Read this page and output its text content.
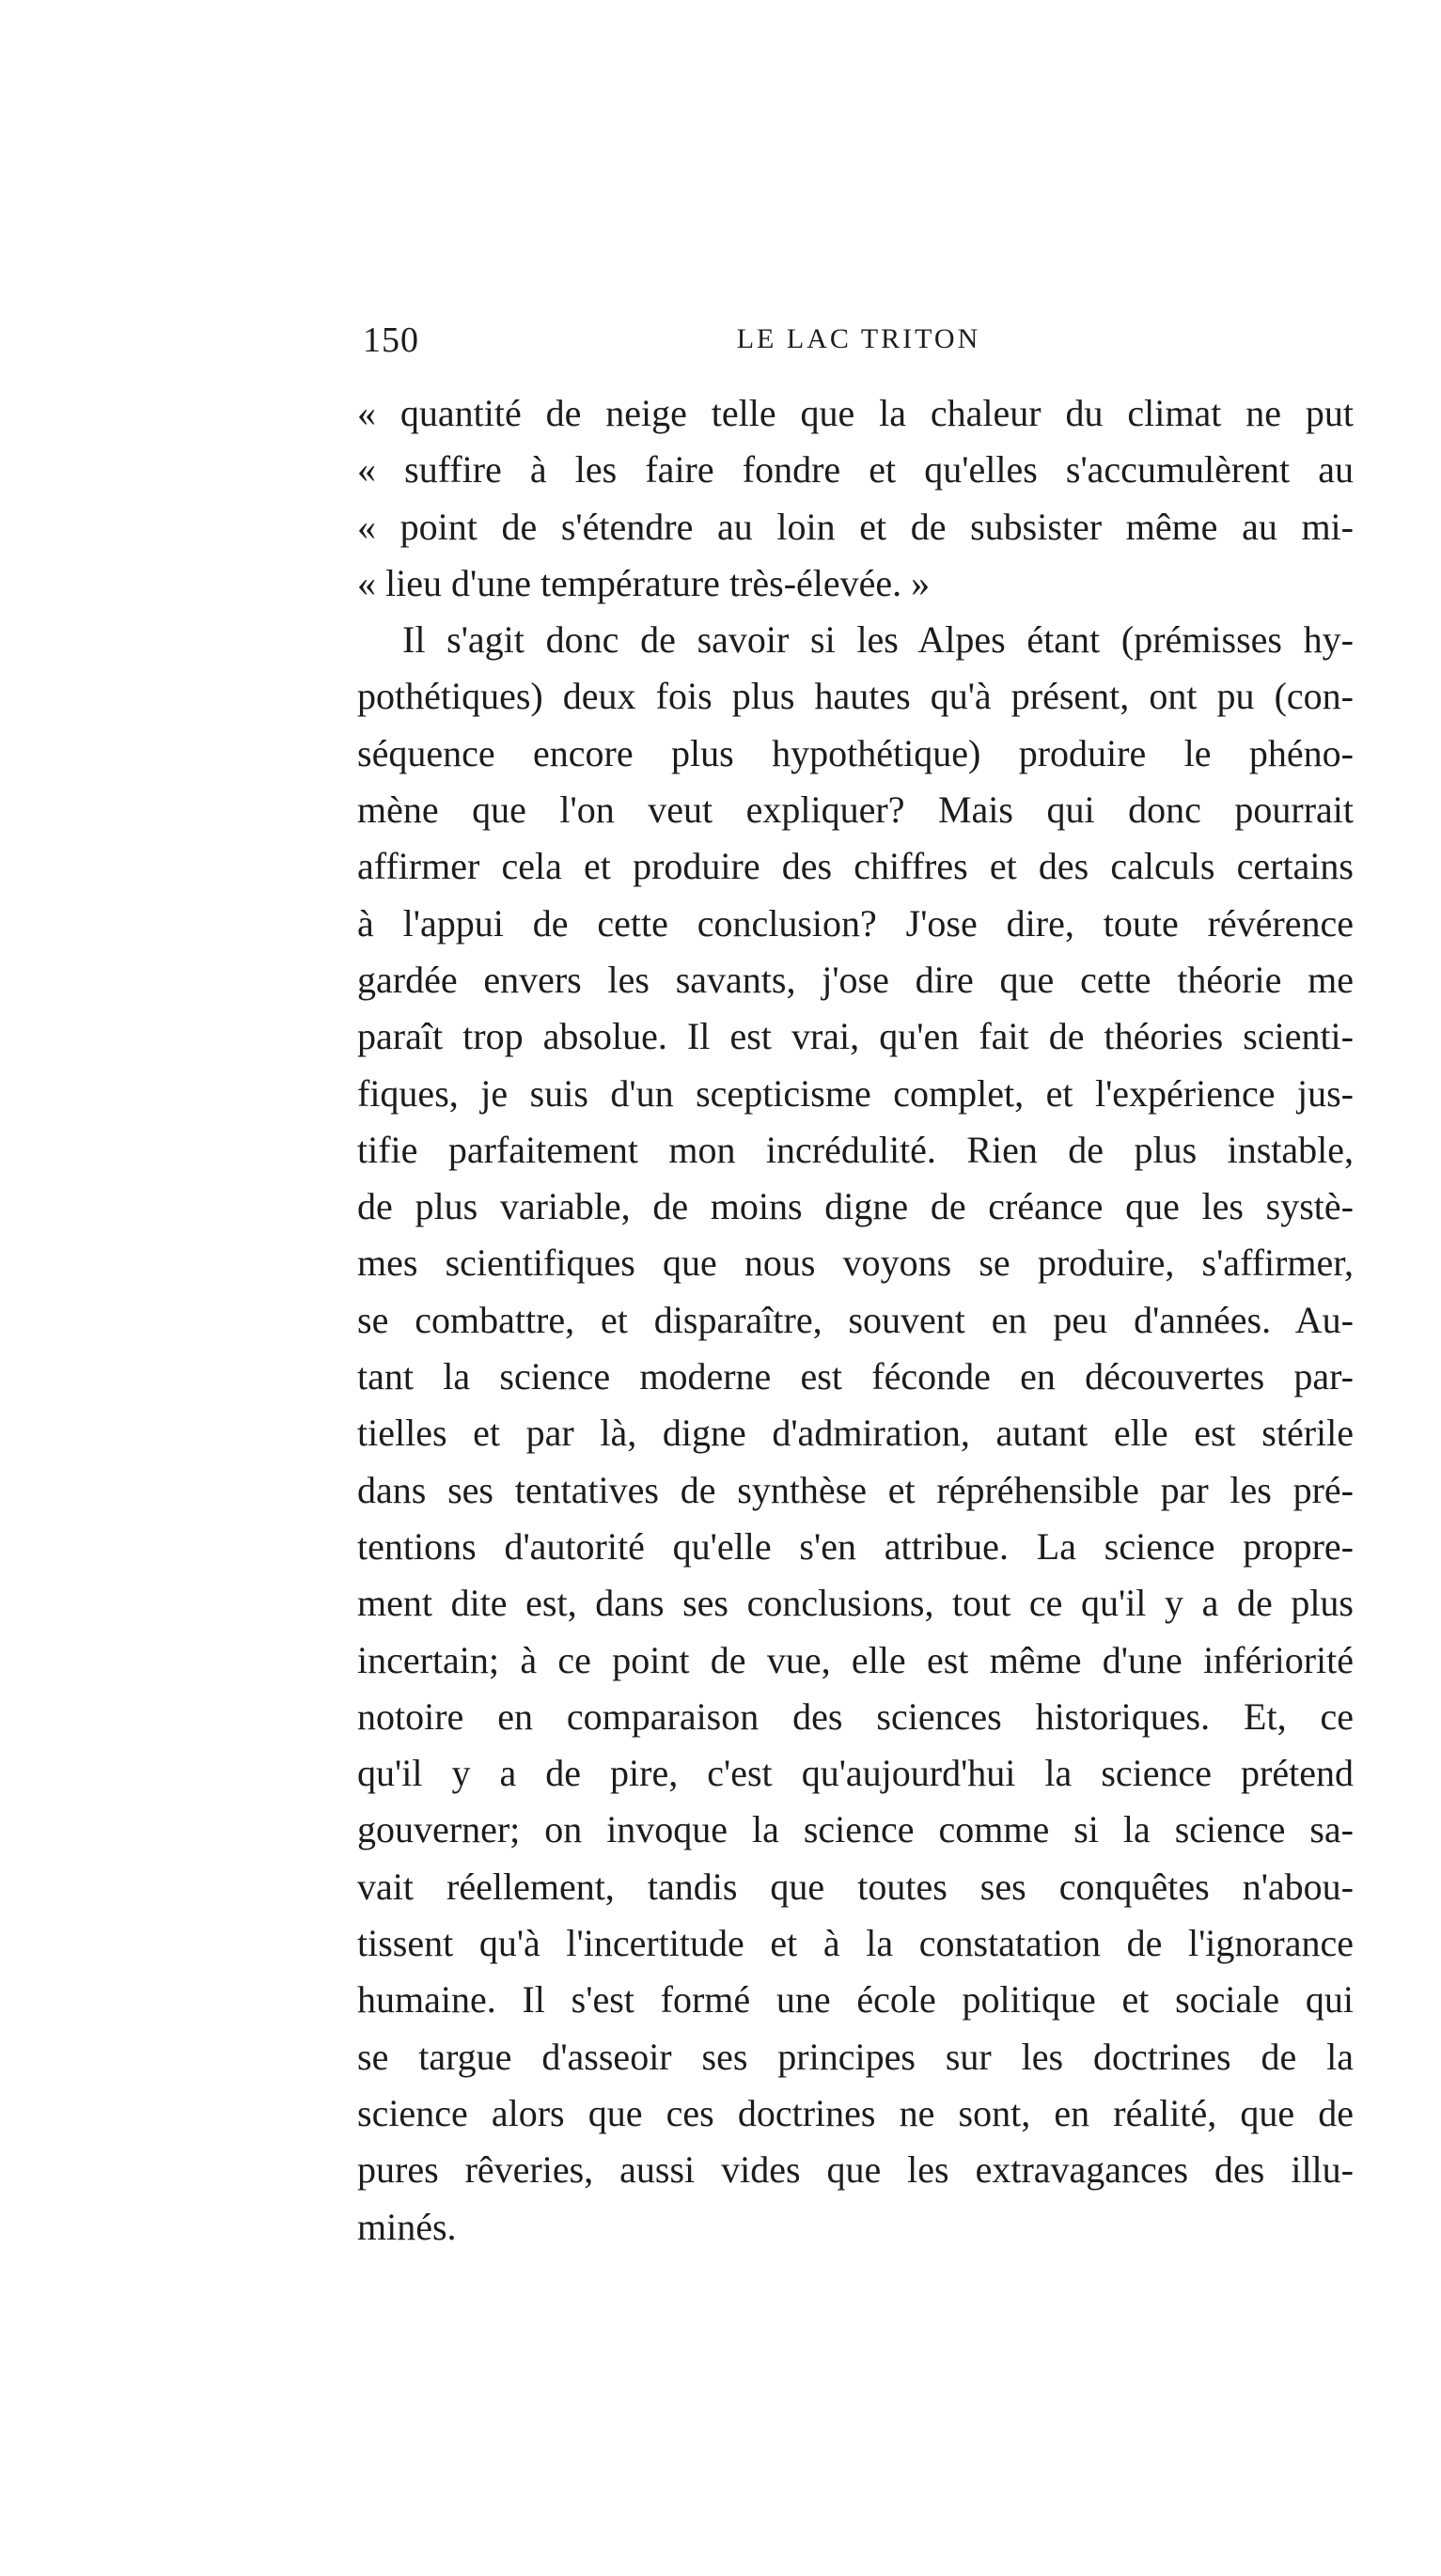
150	LE LAC TRITON
« quantité de neige telle que la chaleur du climat ne put
« suffire à les faire fondre et qu'elles s'accumulèrent au
« point de s'étendre au loin et de subsister même au mi-
« lieu d'une température très-élevée. »
Il s'agit donc de savoir si les Alpes étant (prémisses hy-
pothétiques) deux fois plus hautes qu'à présent, ont pu (con-
séquence encore plus hypothétique) produire le phéno-
mène que l'on veut expliquer? Mais qui donc pourrait
affirmer cela et produire des chiffres et des calculs certains
à l'appui de cette conclusion? J'ose dire, toute révérence
gardée envers les savants, j'ose dire que cette théorie me
paraît trop absolue. Il est vrai, qu'en fait de théories scienti-
fiques, je suis d'un scepticisme complet, et l'expérience jus-
tifie parfaitement mon incrédulité. Rien de plus instable,
de plus variable, de moins digne de créance que les systè-
mes scientifiques que nous voyons se produire, s'affirmer,
se combattre, et disparaître, souvent en peu d'années. Au-
tant la science moderne est féconde en découvertes par-
tielles et par là, digne d'admiration, autant elle est stérile
dans ses tentatives de synthèse et répréhensible par les pré-
tentions d'autorité qu'elle s'en attribue. La science propre-
ment dite est, dans ses conclusions, tout ce qu'il y a de plus
incertain; à ce point de vue, elle est même d'une infériorité
notoire en comparaison des sciences historiques. Et, ce
qu'il y a de pire, c'est qu'aujourd'hui la science prétend
gouverner; on invoque la science comme si la science sa-
vait réellement, tandis que toutes ses conquêtes n'abou-
tissent qu'à l'incertitude et à la constatation de l'ignorance
humaine. Il s'est formé une école politique et sociale qui
se targue d'asseoir ses principes sur les doctrines de la
science alors que ces doctrines ne sont, en réalité, que de
pures rêveries, aussi vides que les extravagances des illu-
minés.
